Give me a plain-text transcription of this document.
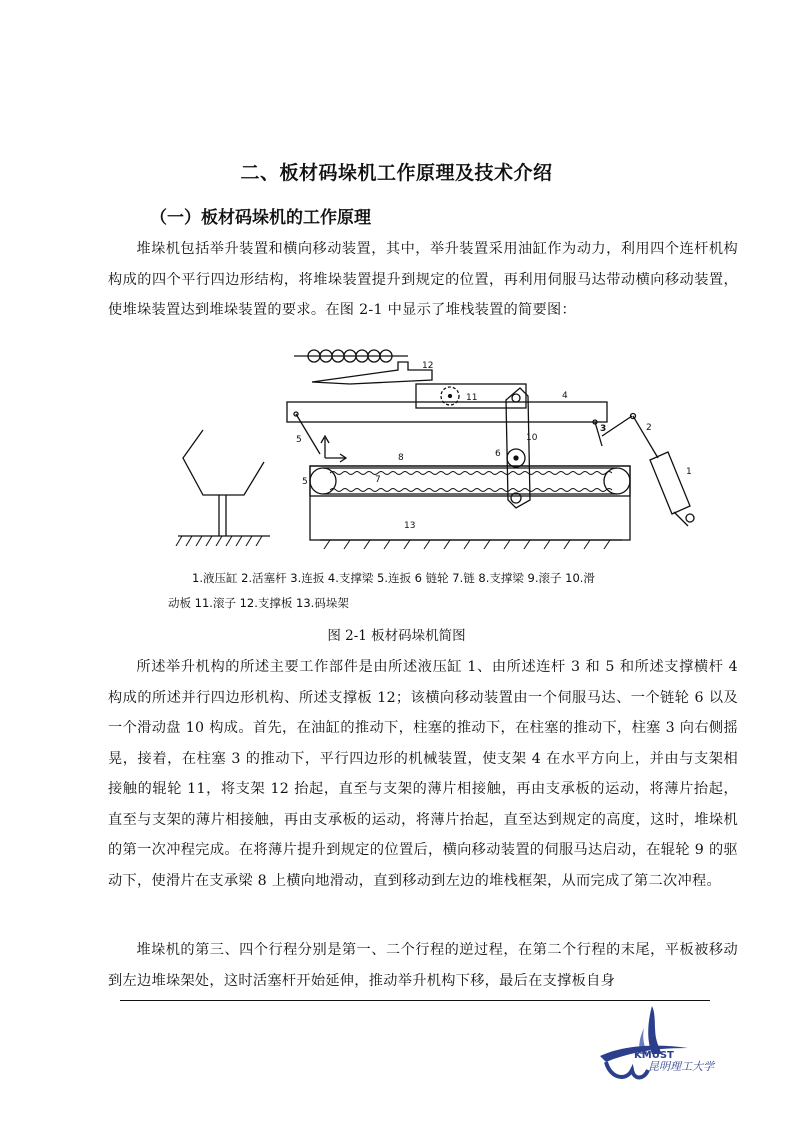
二、板材码垛机工作原理及技术介绍
（一）板材码垛机的工作原理

堆垛机包括举升装置和横向移动装置，其中，举升装置采用油缸作为动力，利用四个连杆机构构成的四个平行四边形结构，将堆垛装置提升到规定的位置，再利用伺服马达带动横向移动装置，使堆垛装置达到堆垛装置的要求。在图 2-1 中显示了堆栈装置的简要图：

12
11	4
5
3
10
6
8
7
5
13
2
1
1.液压缸 2.活塞杆 3.连扳 4.支撑梁 5.连扳 6 链轮 7.链 8.支撑梁 9.滚子 10.滑
动板 11.滚子 12.支撑板 13.码垛架
图 2-1 板材码垛机简图

所述举升机构的所述主要工作部件是由所述液压缸 1、由所述连杆 3 和 5 和所述支撑横杆 4 构成的所述并行四边形机构、所述支撑板 12；该横向移动装置由一个伺服马达、一个链轮 6 以及一个滑动盘 10 构成。首先，在油缸的推动下，柱塞的推动下，在柱塞的推动下，柱塞 3 向右侧摇晃，接着，在柱塞 3 的推动下，平行四边形的机械装置，使支架 4 在水平方向上，并由与支架相接触的辊轮 11，将支架 12 抬起，直至与支架的薄片相接触，再由支承板的运动，将薄片抬起，直至与支架的薄片相接触，再由支承板的运动，将薄片抬起，直至达到规定的高度，这时，堆垛机的第一次冲程完成。在将薄片提升到规定的位置后，横向移动装置的伺服马达启动，在辊轮 9 的驱动下，使滑片在支承梁 8 上横向地滑动，直到移动到左边的堆栈框架，从而完成了第二次冲程。

堆垛机的第三、四个行程分别是第一、二个行程的逆过程，在第二个行程的末尾，平板被移动到左边堆垛架处，这时活塞杆开始延伸，推动举升机构下移，最后在支撑板自身

KMUST
昆明理工大学
